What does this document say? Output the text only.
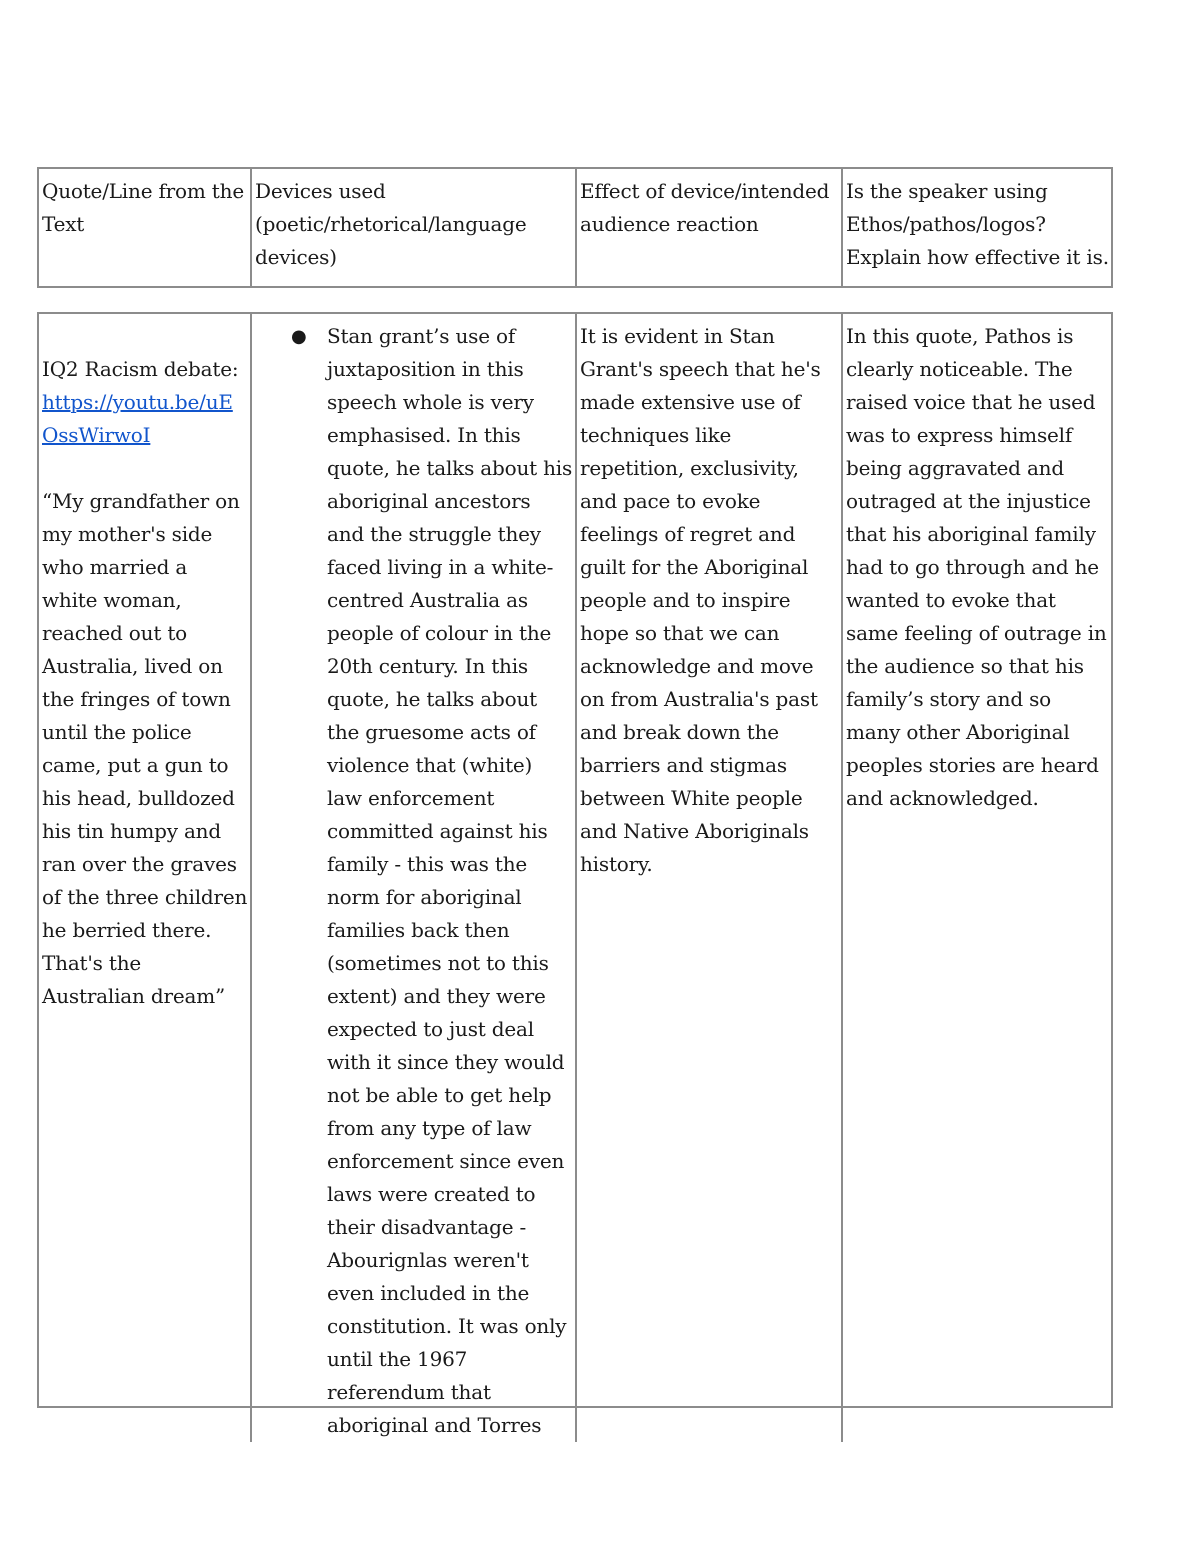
Quote/Line from the Text
Devices used (poetic/rhetorical/language devices)
Effect of device/intended audience reaction
Is the speaker using Ethos/pathos/logos? Explain how effective it is.
IQ2 Racism debate:
https://youtu.be/uEOssWirwoI
“My grandfather on my mother's side who married a white woman, reached out to Australia, lived on the fringes of town until the police came, put a gun to his head, bulldozed his tin humpy and ran over the graves of the three children he berried there. That's the Australian dream”
●	Stan grant’s use of juxtaposition in this speech whole is very emphasised. In this quote, he talks about his aboriginal ancestors and the struggle they faced living in a white-centred Australia as people of colour in the 20th century. In this quote, he talks about the gruesome acts of violence that (white) law enforcement committed against his family - this was the norm for aboriginal families back then (sometimes not to this extent) and they were expected to just deal with it since they would not be able to get help from any type of law enforcement since even laws were created to their disadvantage - Abourignlas weren't even included in the constitution. It was only until the 1967 referendum that aboriginal and Torres
It is evident in Stan Grant's speech that he's made extensive use of techniques like repetition, exclusivity, and pace to evoke feelings of regret and guilt for the Aboriginal people and to inspire hope so that we can acknowledge and move on from Australia's past and break down the barriers and stigmas between White people and Native Aboriginals history.
In this quote, Pathos is clearly noticeable. The raised voice that he used was to express himself being aggravated and outraged at the injustice that his aboriginal family had to go through and he wanted to evoke that same feeling of outrage in the audience so that his family’s story and so many other Aboriginal peoples stories are heard and acknowledged.
